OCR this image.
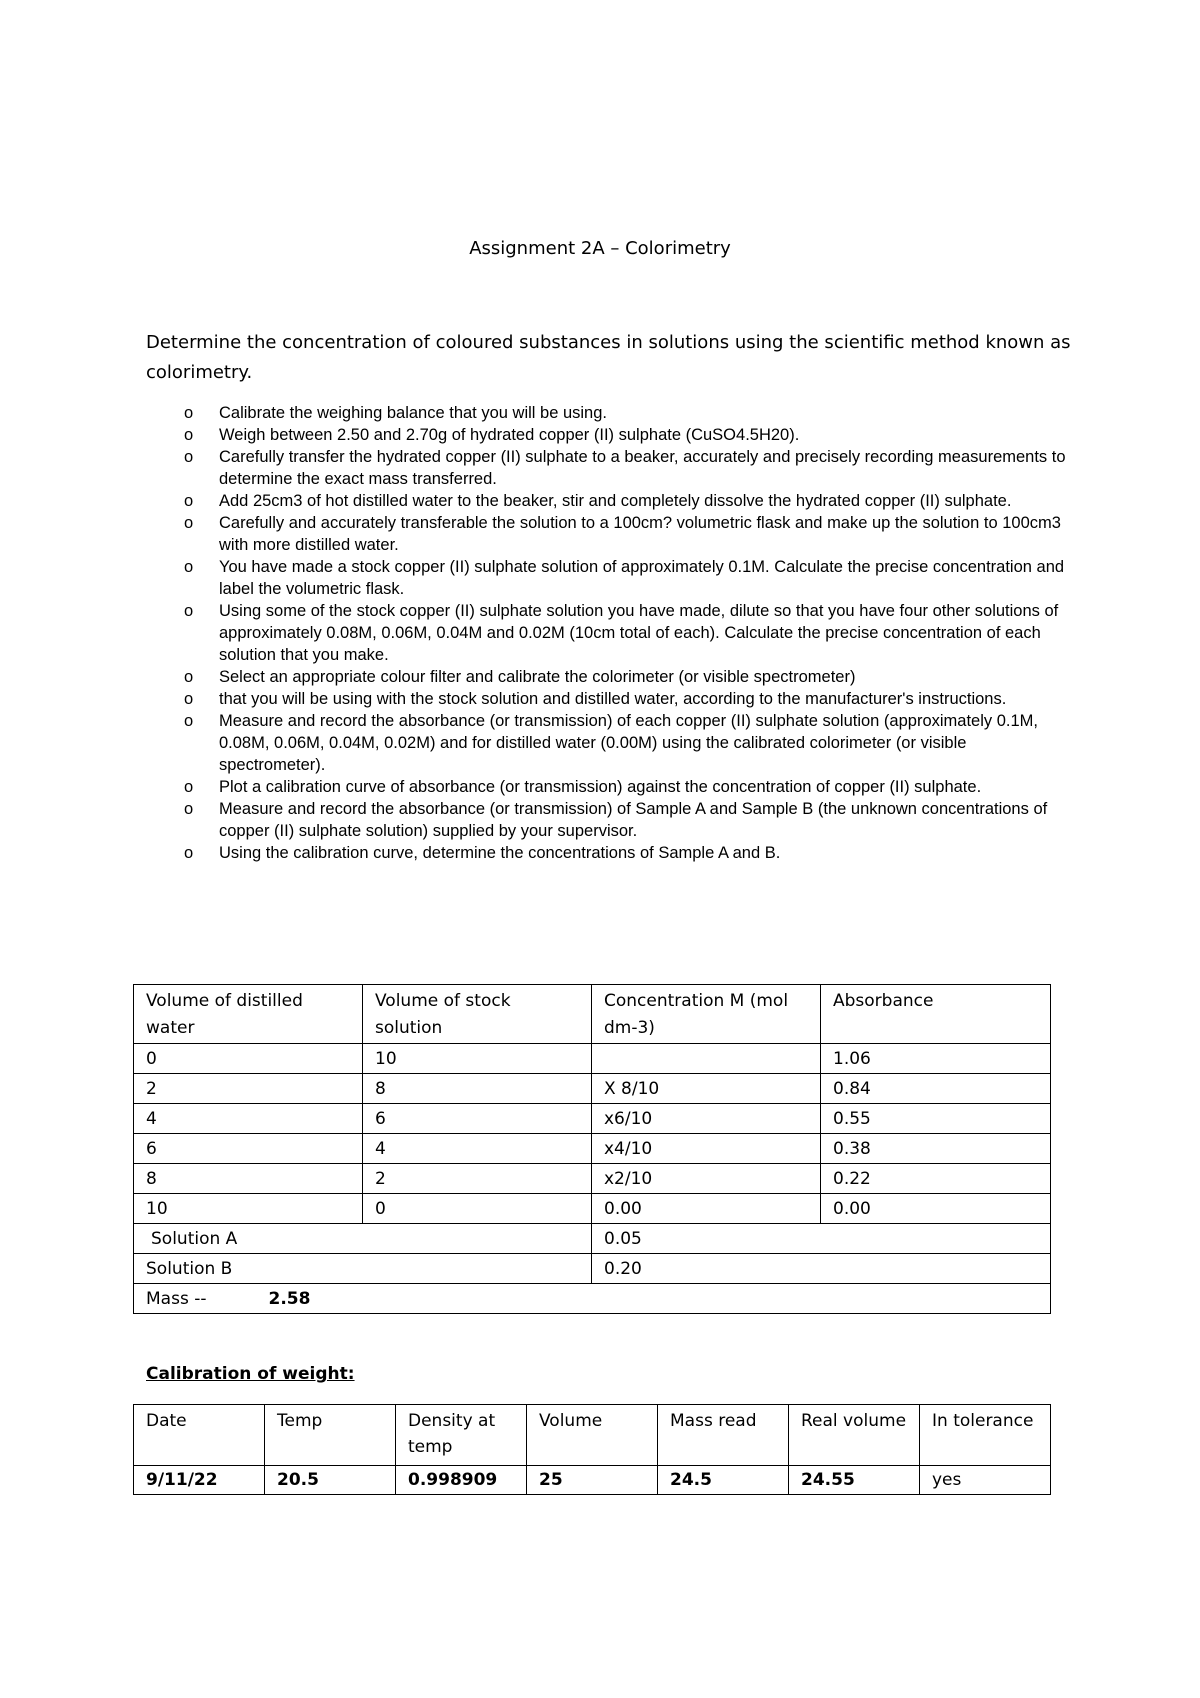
Assignment 2A – Colorimetry
Determine the concentration of coloured substances in solutions using the scientific method known as colorimetry.
o Calibrate the weighing balance that you will be using.
o Weigh between 2.50 and 2.70g of hydrated copper (II) sulphate (CuSO4.5H20).
o Carefully transfer the hydrated copper (II) sulphate to a beaker, accurately and precisely recording measurements to determine the exact mass transferred.
o Add 25cm3 of hot distilled water to the beaker, stir and completely dissolve the hydrated copper (II) sulphate.
o Carefully and accurately transferable the solution to a 100cm? volumetric flask and make up the solution to 100cm3 with more distilled water.
o You have made a stock copper (II) sulphate solution of approximately 0.1M. Calculate the precise concentration and label the volumetric flask.
o Using some of the stock copper (II) sulphate solution you have made, dilute so that you have four other solutions of approximately 0.08M, 0.06M, 0.04M and 0.02M (10cm total of each). Calculate the precise concentration of each solution that you make.
o Select an appropriate colour filter and calibrate the colorimeter (or visible spectrometer)
o that you will be using with the stock solution and distilled water, according to the manufacturer's instructions.
o Measure and record the absorbance (or transmission) of each copper (II) sulphate solution (approximately 0.1M, 0.08M, 0.06M, 0.04M, 0.02M) and for distilled water (0.00M) using the calibrated colorimeter (or visible spectrometer).
o Plot a calibration curve of absorbance (or transmission) against the concentration of copper (II) sulphate.
o Measure and record the absorbance (or transmission) of Sample A and Sample B (the unknown concentrations of copper (II) sulphate solution) supplied by your supervisor.
o Using the calibration curve, determine the concentrations of Sample A and B.
Volume of distilled water	Volume of stock solution	Concentration M (mol dm-3)	Absorbance
0	10		1.06
2	8	X 8/10	0.84
4	6	x6/10	0.55
6	4	x4/10	0.38
8	2	x2/10	0.22
10	0	0.00	0.00
Solution A		0.05	
Solution B		0.20	
Mass -- 2.58			
Calibration of weight:
Date	Temp	Density at temp	Volume	Mass read	Real volume	In tolerance
9/11/22	20.5	0.998909	25	24.5	24.55	yes
